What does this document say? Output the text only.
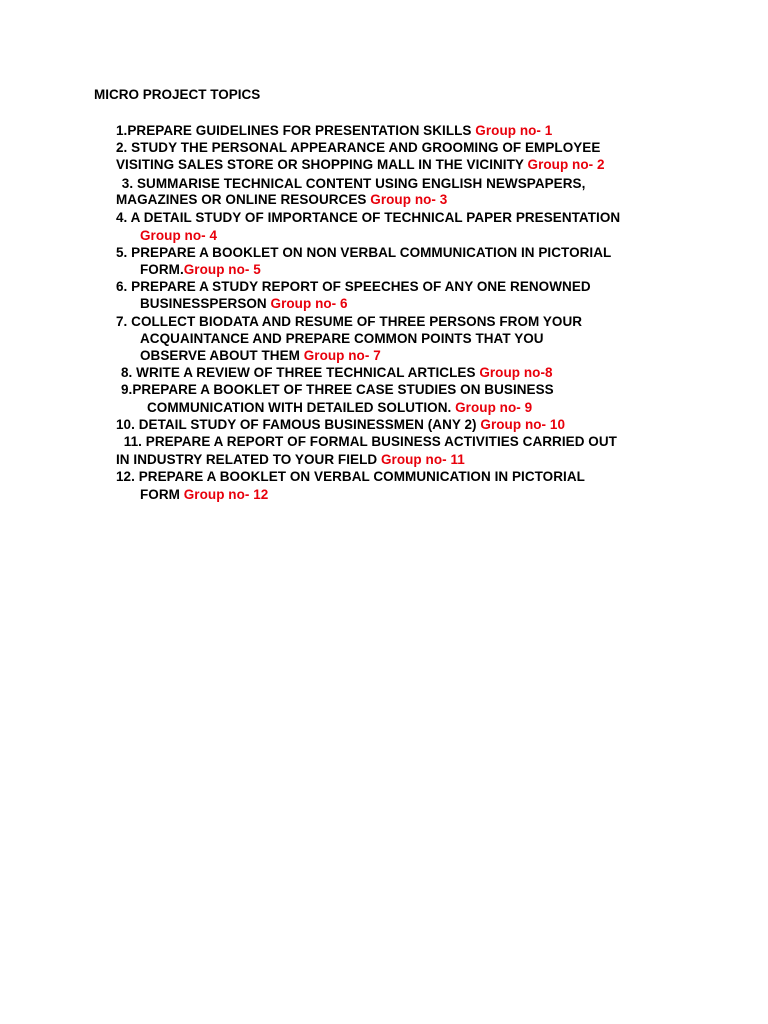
MICRO PROJECT TOPICS
1.PREPARE GUIDELINES FOR PRESENTATION SKILLS Group no- 1
2. STUDY THE PERSONAL APPEARANCE AND GROOMING OF EMPLOYEE
VISITING SALES STORE OR SHOPPING MALL IN THE VICINITY Group no- 2
3. SUMMARISE TECHNICAL CONTENT USING ENGLISH NEWSPAPERS,
MAGAZINES OR ONLINE RESOURCES Group no- 3
4. A DETAIL STUDY OF IMPORTANCE OF TECHNICAL PAPER PRESENTATION
Group no- 4
5. PREPARE A BOOKLET ON NON VERBAL COMMUNICATION IN PICTORIAL
FORM.Group no- 5
6. PREPARE A STUDY REPORT OF SPEECHES OF ANY ONE RENOWNED
BUSINESSPERSON Group no- 6
7. COLLECT BIODATA AND RESUME OF THREE PERSONS FROM YOUR
ACQUAINTANCE AND PREPARE COMMON POINTS THAT YOU
OBSERVE ABOUT THEM Group no- 7
8. WRITE A REVIEW OF THREE TECHNICAL ARTICLES Group no-8
9.PREPARE A BOOKLET OF THREE CASE STUDIES ON BUSINESS
COMMUNICATION WITH DETAILED SOLUTION. Group no- 9
10. DETAIL STUDY OF FAMOUS BUSINESSMEN (ANY 2) Group no- 10
11. PREPARE A REPORT OF FORMAL BUSINESS ACTIVITIES CARRIED OUT
IN INDUSTRY RELATED TO YOUR FIELD Group no- 11
12. PREPARE A BOOKLET ON VERBAL COMMUNICATION IN PICTORIAL
FORM Group no- 12
